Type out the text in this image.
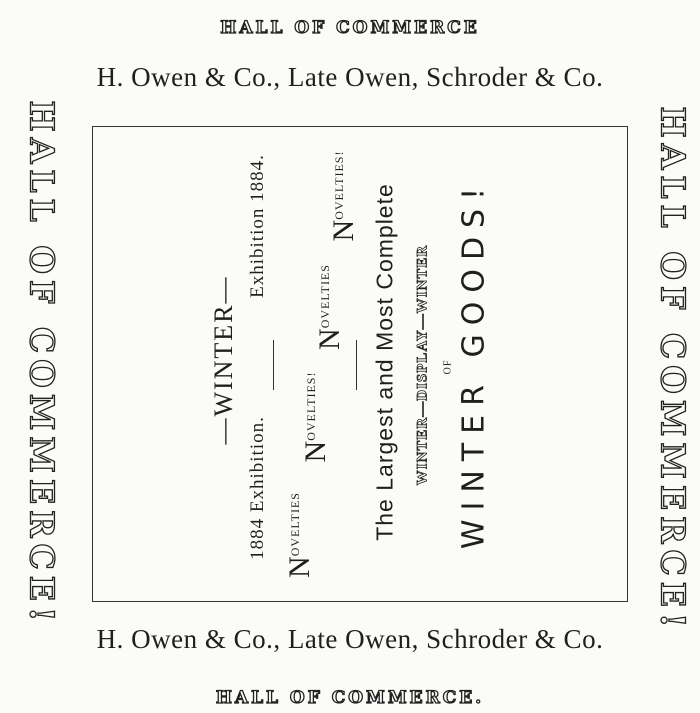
HALL OF COMMERCE
H. Owen & Co., Late Owen, Schroder & Co.
HALL OF COMMERCE!	HALL OF COMMERCE!
—WINTER—
1884 Exhibition.
Exhibition 1884.
$N^{OVELTIES}$
$N^{OVELTIES!}$
$N^{OVELTIES}$
$N^{OVELTIES!}$	The Largest and Most Complete WINTER—DISPLAY—WINTER OF WINTER GOODS!
H. Owen & Co., Late Owen, Schroder & Co.
HALL OF COMMERCE.
